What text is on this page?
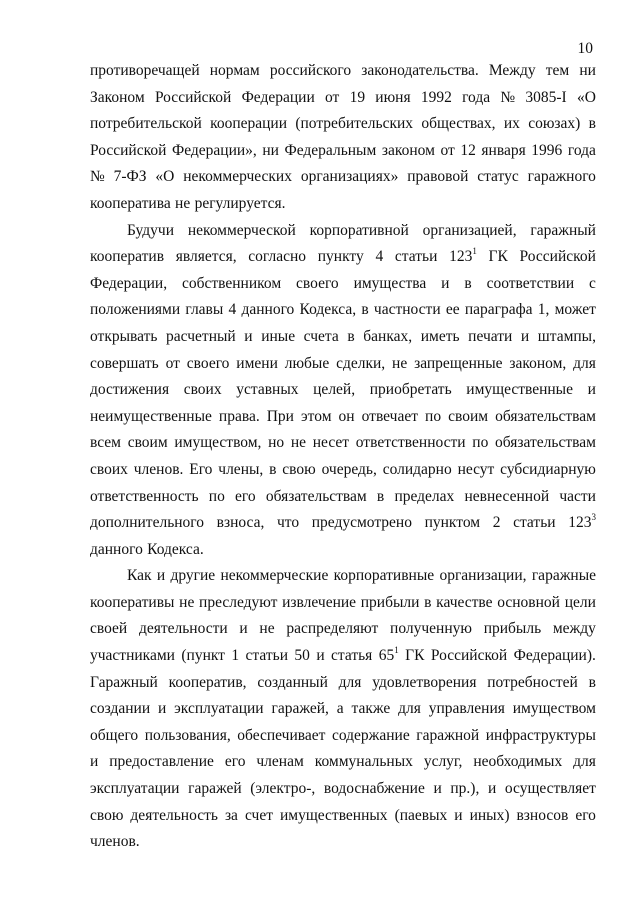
10
противоречащей нормам российского законодательства. Между тем ни
Законом Российской Федерации от 19 июня 1992 года № 3085-I «О
потребительской кооперации (потребительских обществах, их союзах) в
Российской Федерации», ни Федеральным законом от 12 января 1996 года
№ 7-ФЗ «О некоммерческих организациях» правовой статус гаражного
кооператива не регулируется.
Будучи некоммерческой корпоративной организацией, гаражный
кооператив является, согласно пункту 4 статьи $123^1$ ГК Российской
Федерации, собственником своего имущества и в соответствии с
положениями главы 4 данного Кодекса, в частности ее параграфа 1, может
открывать расчетный и иные счета в банках, иметь печати и штампы,
совершать от своего имени любые сделки, не запрещенные законом, для
достижения своих уставных целей, приобретать имущественные и
неимущественные права. При этом он отвечает по своим обязательствам
всем своим имуществом, но не несет ответственности по обязательствам
своих членов. Его члены, в свою очередь, солидарно несут субсидиарную
ответственность по его обязательствам в пределах невнесенной части
дополнительного взноса, что предусмотрено пунктом 2 статьи $123^3$
данного Кодекса.
Как и другие некоммерческие корпоративные организации, гаражные
кооперативы не преследуют извлечение прибыли в качестве основной цели
своей деятельности и не распределяют полученную прибыль между
участниками (пункт 1 статьи 50 и статья $65^1$ ГК Российской Федерации).
Гаражный кооператив, созданный для удовлетворения потребностей в
создании и эксплуатации гаражей, а также для управления имуществом
общего пользования, обеспечивает содержание гаражной инфраструктуры
и предоставление его членам коммунальных услуг, необходимых для
эксплуатации гаражей (электро-, водоснабжение и пр.), и осуществляет
свою деятельность за счет имущественных (паевых и иных) взносов его
членов.
